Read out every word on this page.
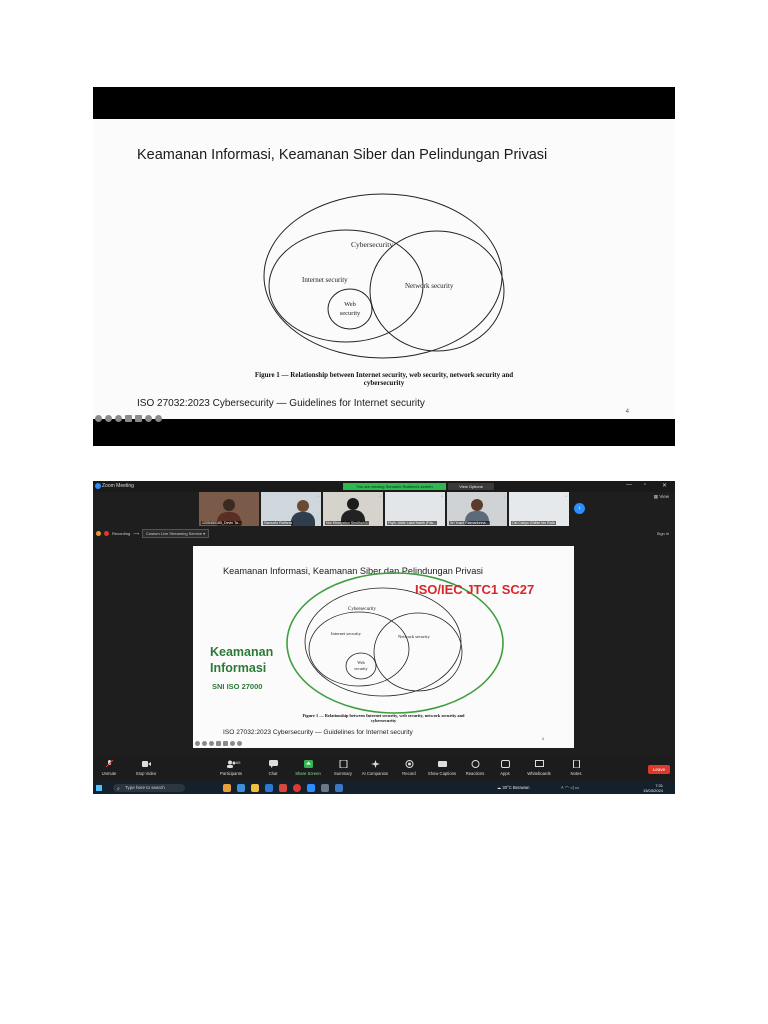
Keamanan Informasi, Keamanan Siber dan Pelindungan Privasi
Cybersecurity
Internet security
Network security
Web
security
Figure 1 — Relationship between Internet security, web security, network security and
cybersecurity
ISO 27032:2023 Cybersecurity — Guidelines for Internet security
4
Zoom Meeting	You are viewing Semuelo Rathera's screen	View Options	— ▫	✕
▦ View
1205450185_Devin Ta...
●
Samuelo Rathera
●
Nur Khosyatun Sholihah...
●
Fiqih, Aldie Latut Habib (Fak...
●
Sri Yusni Riamadonna...
●
Oki Cahyo Ghifari bin Rafa
›
Recording ⟿	Custom Live Streaming Service ▾	Sign in
Keamanan Informasi, Keamanan Siber dan Pelindungan Privasi
Cybersecurity
Internet security
Network security
Web
security
ISO/IEC JTC1 SC27
Keamanan
Informasi
SNI ISO 27000
Figure 1 — Relationship between Internet security, web security, network security and
cybersecurity
ISO 27032:2023 Cybersecurity — Guidelines for Internet security
4
Unmute	Stop Video	Participants
65
Chat	Share Screen	Summary	AI Companion	Record	Show Captions	Reactions	Apps	Whiteboards	Notes
Leave
⌕ Type here to search	☁ 30°C Berawan	˄ ◠ ◁ ▭	7:31
15/03/2024
